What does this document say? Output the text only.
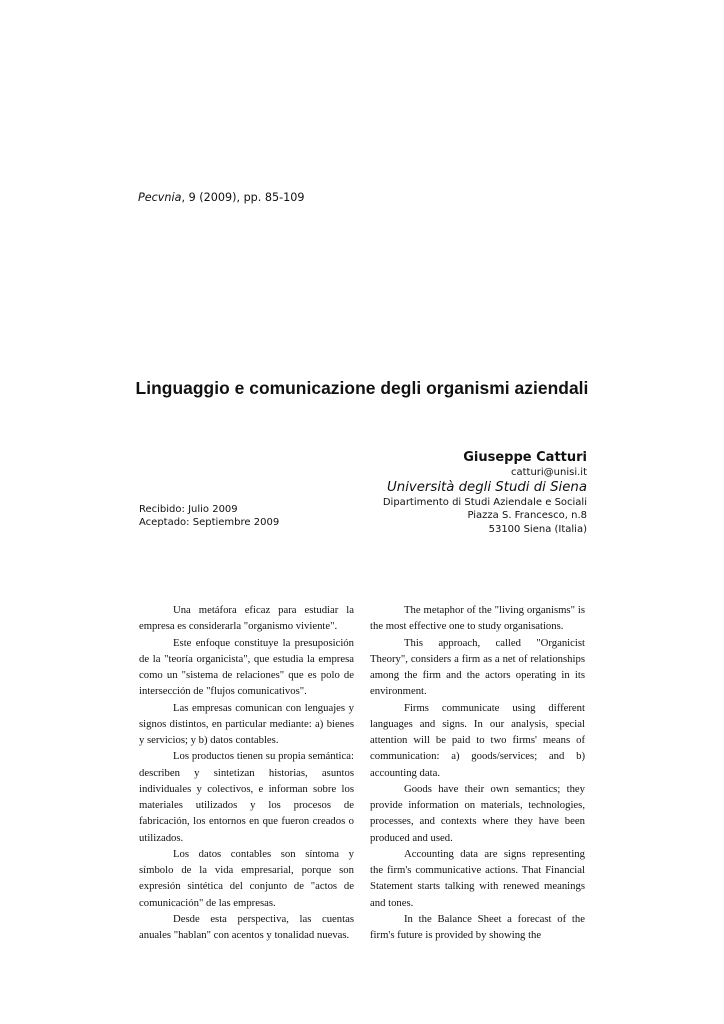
Pecvnia, 9 (2009), pp. 85-109
Linguaggio e comunicazione degli organismi aziendali
Giuseppe Catturi
catturi@unisi.it
Università degli Studi di Siena
Dipartimento di Studi Aziendale e Sociali
Piazza S. Francesco, n.8
53100 Siena (Italia)
Recibido: Julio 2009
Aceptado: Septiembre 2009

Una metáfora eficaz para estudiar la empresa es considerarla "organismo viviente".

Este enfoque constituye la presuposición de la "teoría organicista", que estudia la empresa como un "sistema de relaciones" que es polo de intersección de "flujos comunicativos".

Las empresas comunican con lenguajes y signos distintos, en particular mediante: a) bienes y servicios; y b) datos contables.

Los productos tienen su propia semántica: describen y sintetizan historias, asuntos individuales y colectivos, e informan sobre los materiales utilizados y los procesos de fabricación, los entornos en que fueron creados o utilizados.

Los datos contables son síntoma y símbolo de la vida empresarial, porque son expresión sintética del conjunto de "actos de comunicación" de las empresas.

Desde esta perspectiva, las cuentas anuales "hablan" con acentos y tonalidad nuevas.

The metaphor of the "living organisms" is the most effective one to study organisations.

This approach, called "Organicist Theory", considers a firm as a net of relationships among the firm and the actors operating in its environment.

Firms communicate using different languages and signs. In our analysis, special attention will be paid to two firms' means of communication: a) goods/services; and b) accounting data.

Goods have their own semantics; they provide information on materials, technologies, processes, and contexts where they have been produced and used.

Accounting data are signs representing the firm's communicative actions. That Financial Statement starts talking with renewed meanings and tones.

In the Balance Sheet a forecast of the firm's future is provided by showing the
